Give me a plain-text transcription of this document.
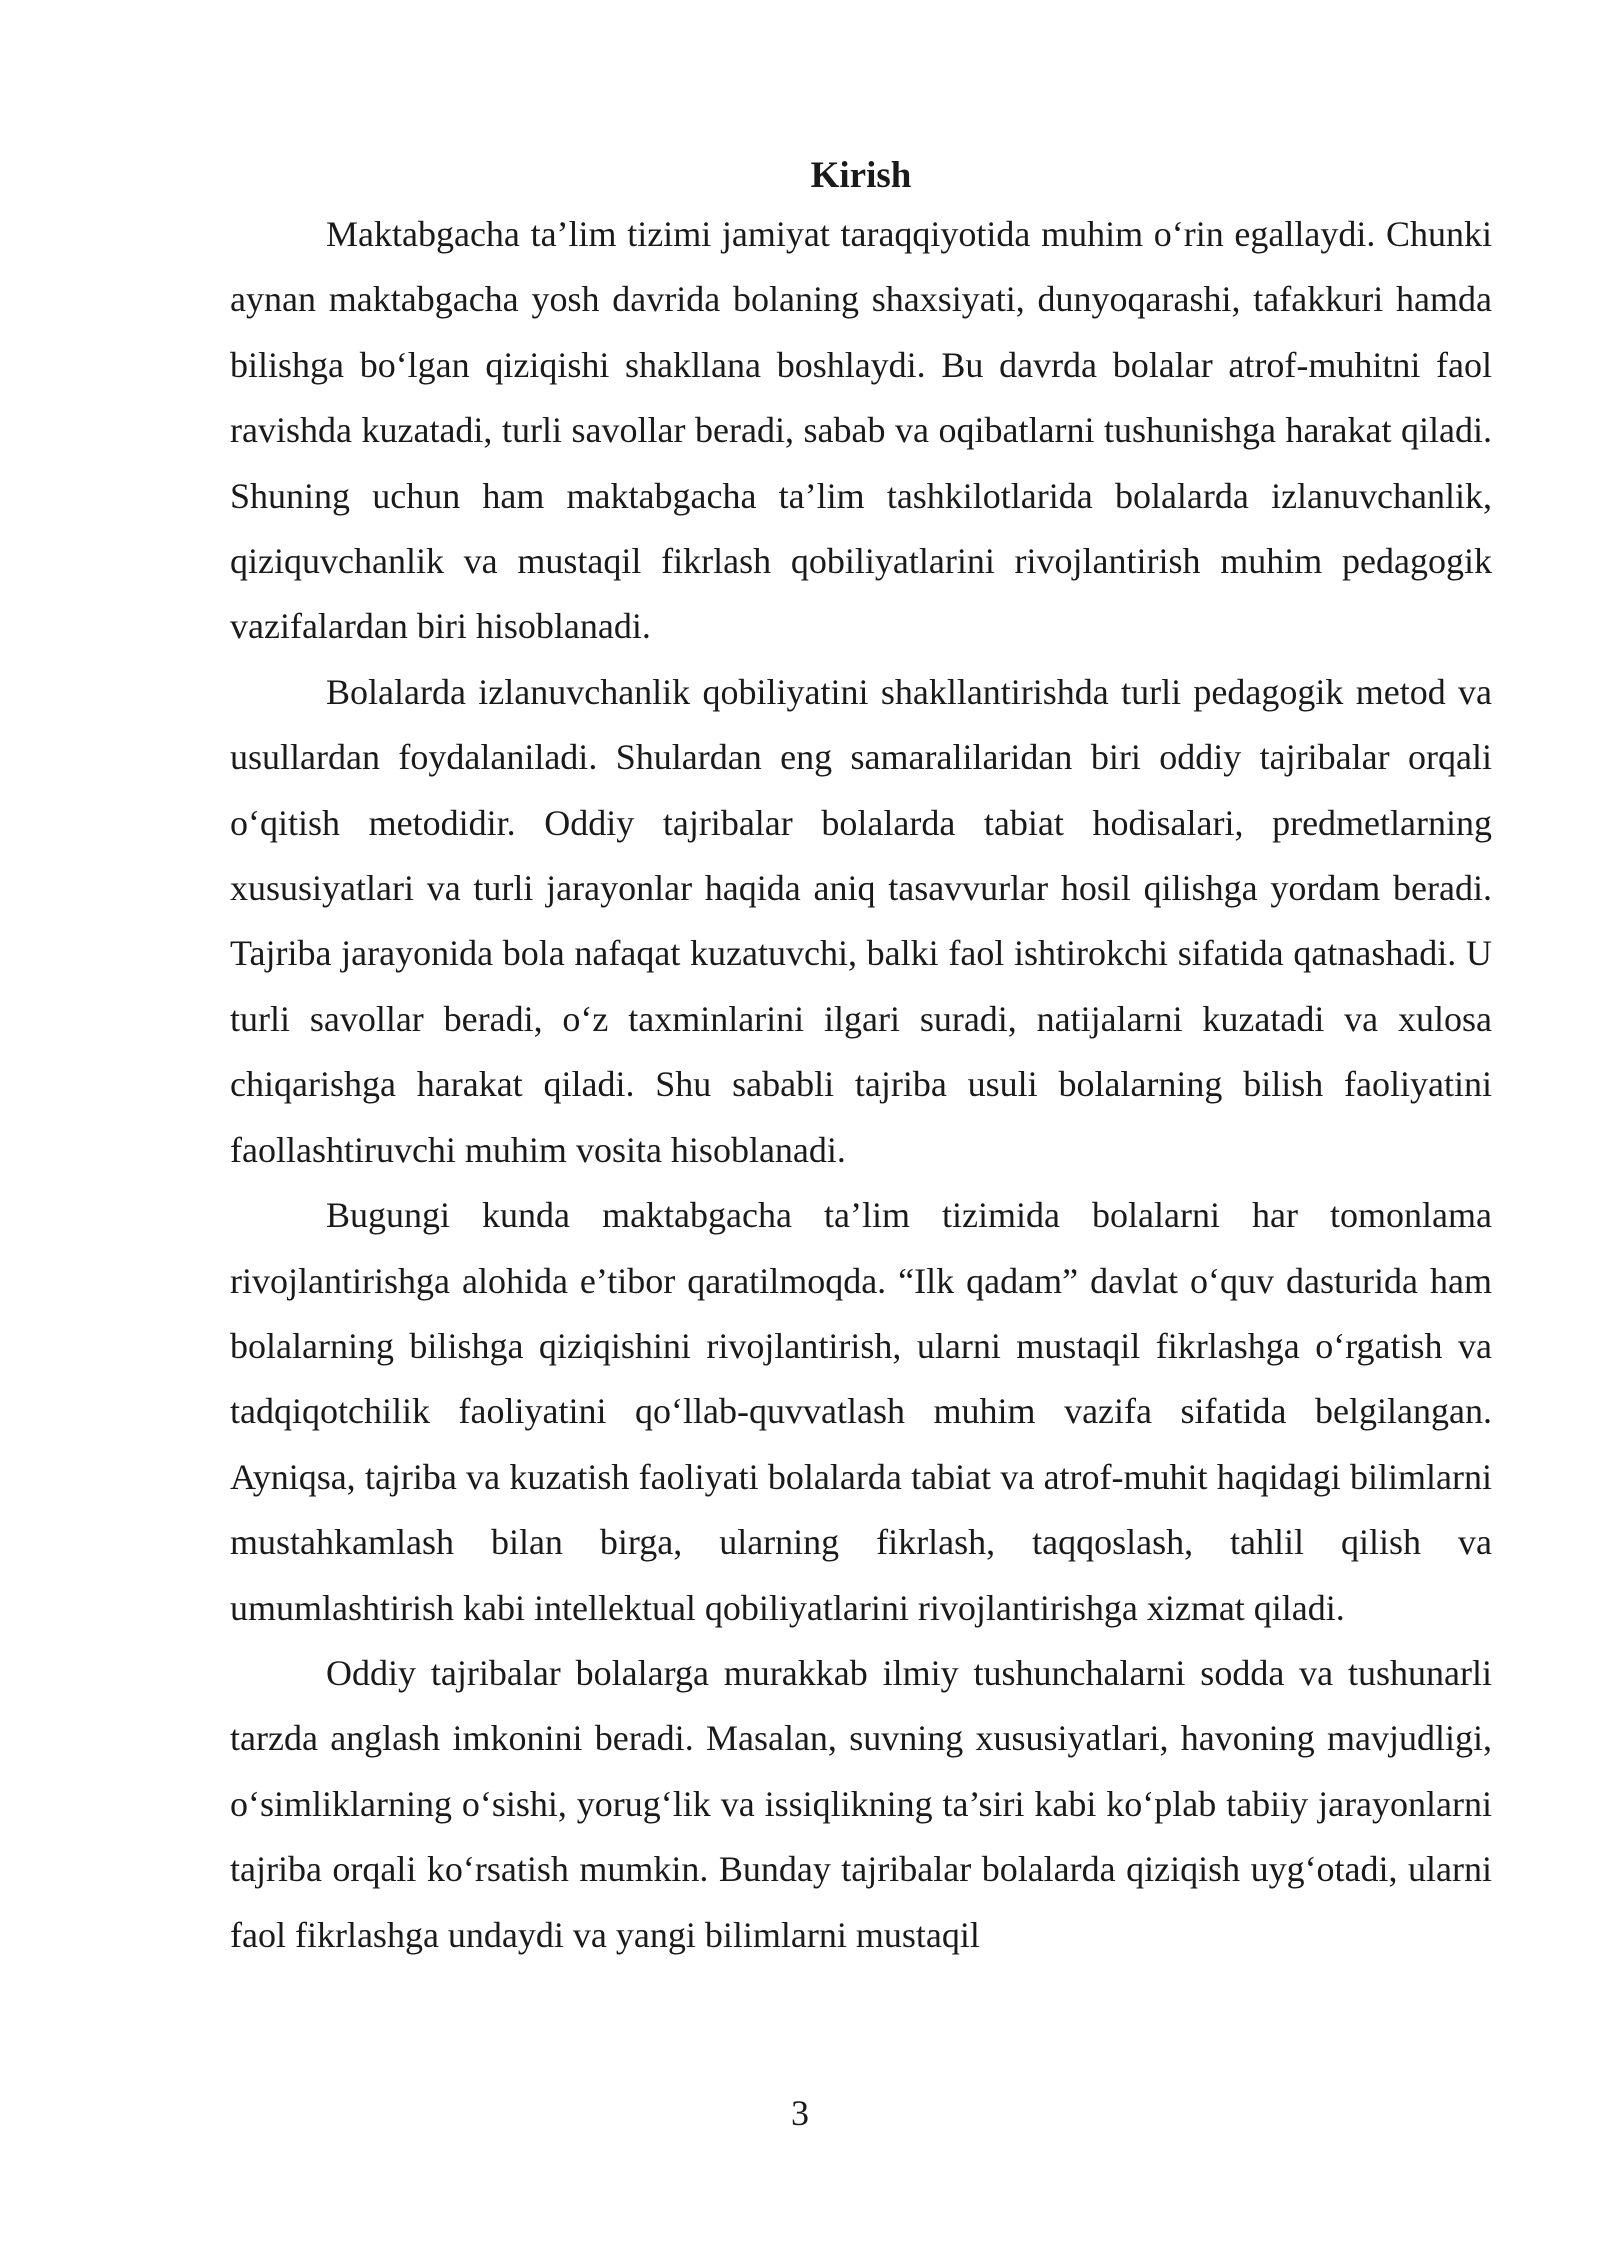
Kirish

Maktabgacha ta’lim tizimi jamiyat taraqqiyotida muhim o‘rin egallaydi. Chunki aynan maktabgacha yosh davrida bolaning shaxsiyati, dunyoqarashi, tafakkuri hamda bilishga bo‘lgan qiziqishi shakllana boshlaydi. Bu davrda bolalar atrof-muhitni faol ravishda kuzatadi, turli savollar beradi, sabab va oqibatlarni tushunishga harakat qiladi. Shuning uchun ham maktabgacha ta’lim tashkilotlarida bolalarda izlanuvchanlik, qiziquvchanlik va mustaqil fikrlash qobiliyatlarini rivojlantirish muhim pedagogik vazifalardan biri hisoblanadi.

Bolalarda izlanuvchanlik qobiliyatini shakllantirishda turli pedagogik metod va usullardan foydalaniladi. Shulardan eng samaralilaridan biri oddiy tajribalar orqali o‘qitish metodidir. Oddiy tajribalar bolalarda tabiat hodisalari, predmetlarning xususiyatlari va turli jarayonlar haqida aniq tasavvurlar hosil qilishga yordam beradi. Tajriba jarayonida bola nafaqat kuzatuvchi, balki faol ishtirokchi sifatida qatnashadi. U turli savollar beradi, o‘z taxminlarini ilgari suradi, natijalarni kuzatadi va xulosa chiqarishga harakat qiladi. Shu sababli tajriba usuli bolalarning bilish faoliyatini faollashtiruvchi muhim vosita hisoblanadi.

Bugungi kunda maktabgacha ta’lim tizimida bolalarni har tomonlama rivojlantirishga alohida e’tibor qaratilmoqda. “Ilk qadam” davlat o‘quv dasturida ham bolalarning bilishga qiziqishini rivojlantirish, ularni mustaqil fikrlashga o‘rgatish va tadqiqotchilik faoliyatini qo‘llab-quvvatlash muhim vazifa sifatida belgilangan. Ayniqsa, tajriba va kuzatish faoliyati bolalarda tabiat va atrof-muhit haqidagi bilimlarni mustahkamlash bilan birga, ularning fikrlash, taqqoslash, tahlil qilish va umumlashtirish kabi intellektual qobiliyatlarini rivojlantirishga xizmat qiladi.

Oddiy tajribalar bolalarga murakkab ilmiy tushunchalarni sodda va tushunarli tarzda anglash imkonini beradi. Masalan, suvning xususiyatlari, havoning mavjudligi, o‘simliklarning o‘sishi, yorug‘lik va issiqlikning ta’siri kabi ko‘plab tabiiy jarayonlarni tajriba orqali ko‘rsatish mumkin. Bunday tajribalar bolalarda qiziqish uyg‘otadi, ularni faol fikrlashga undaydi va yangi bilimlarni mustaqil

3
